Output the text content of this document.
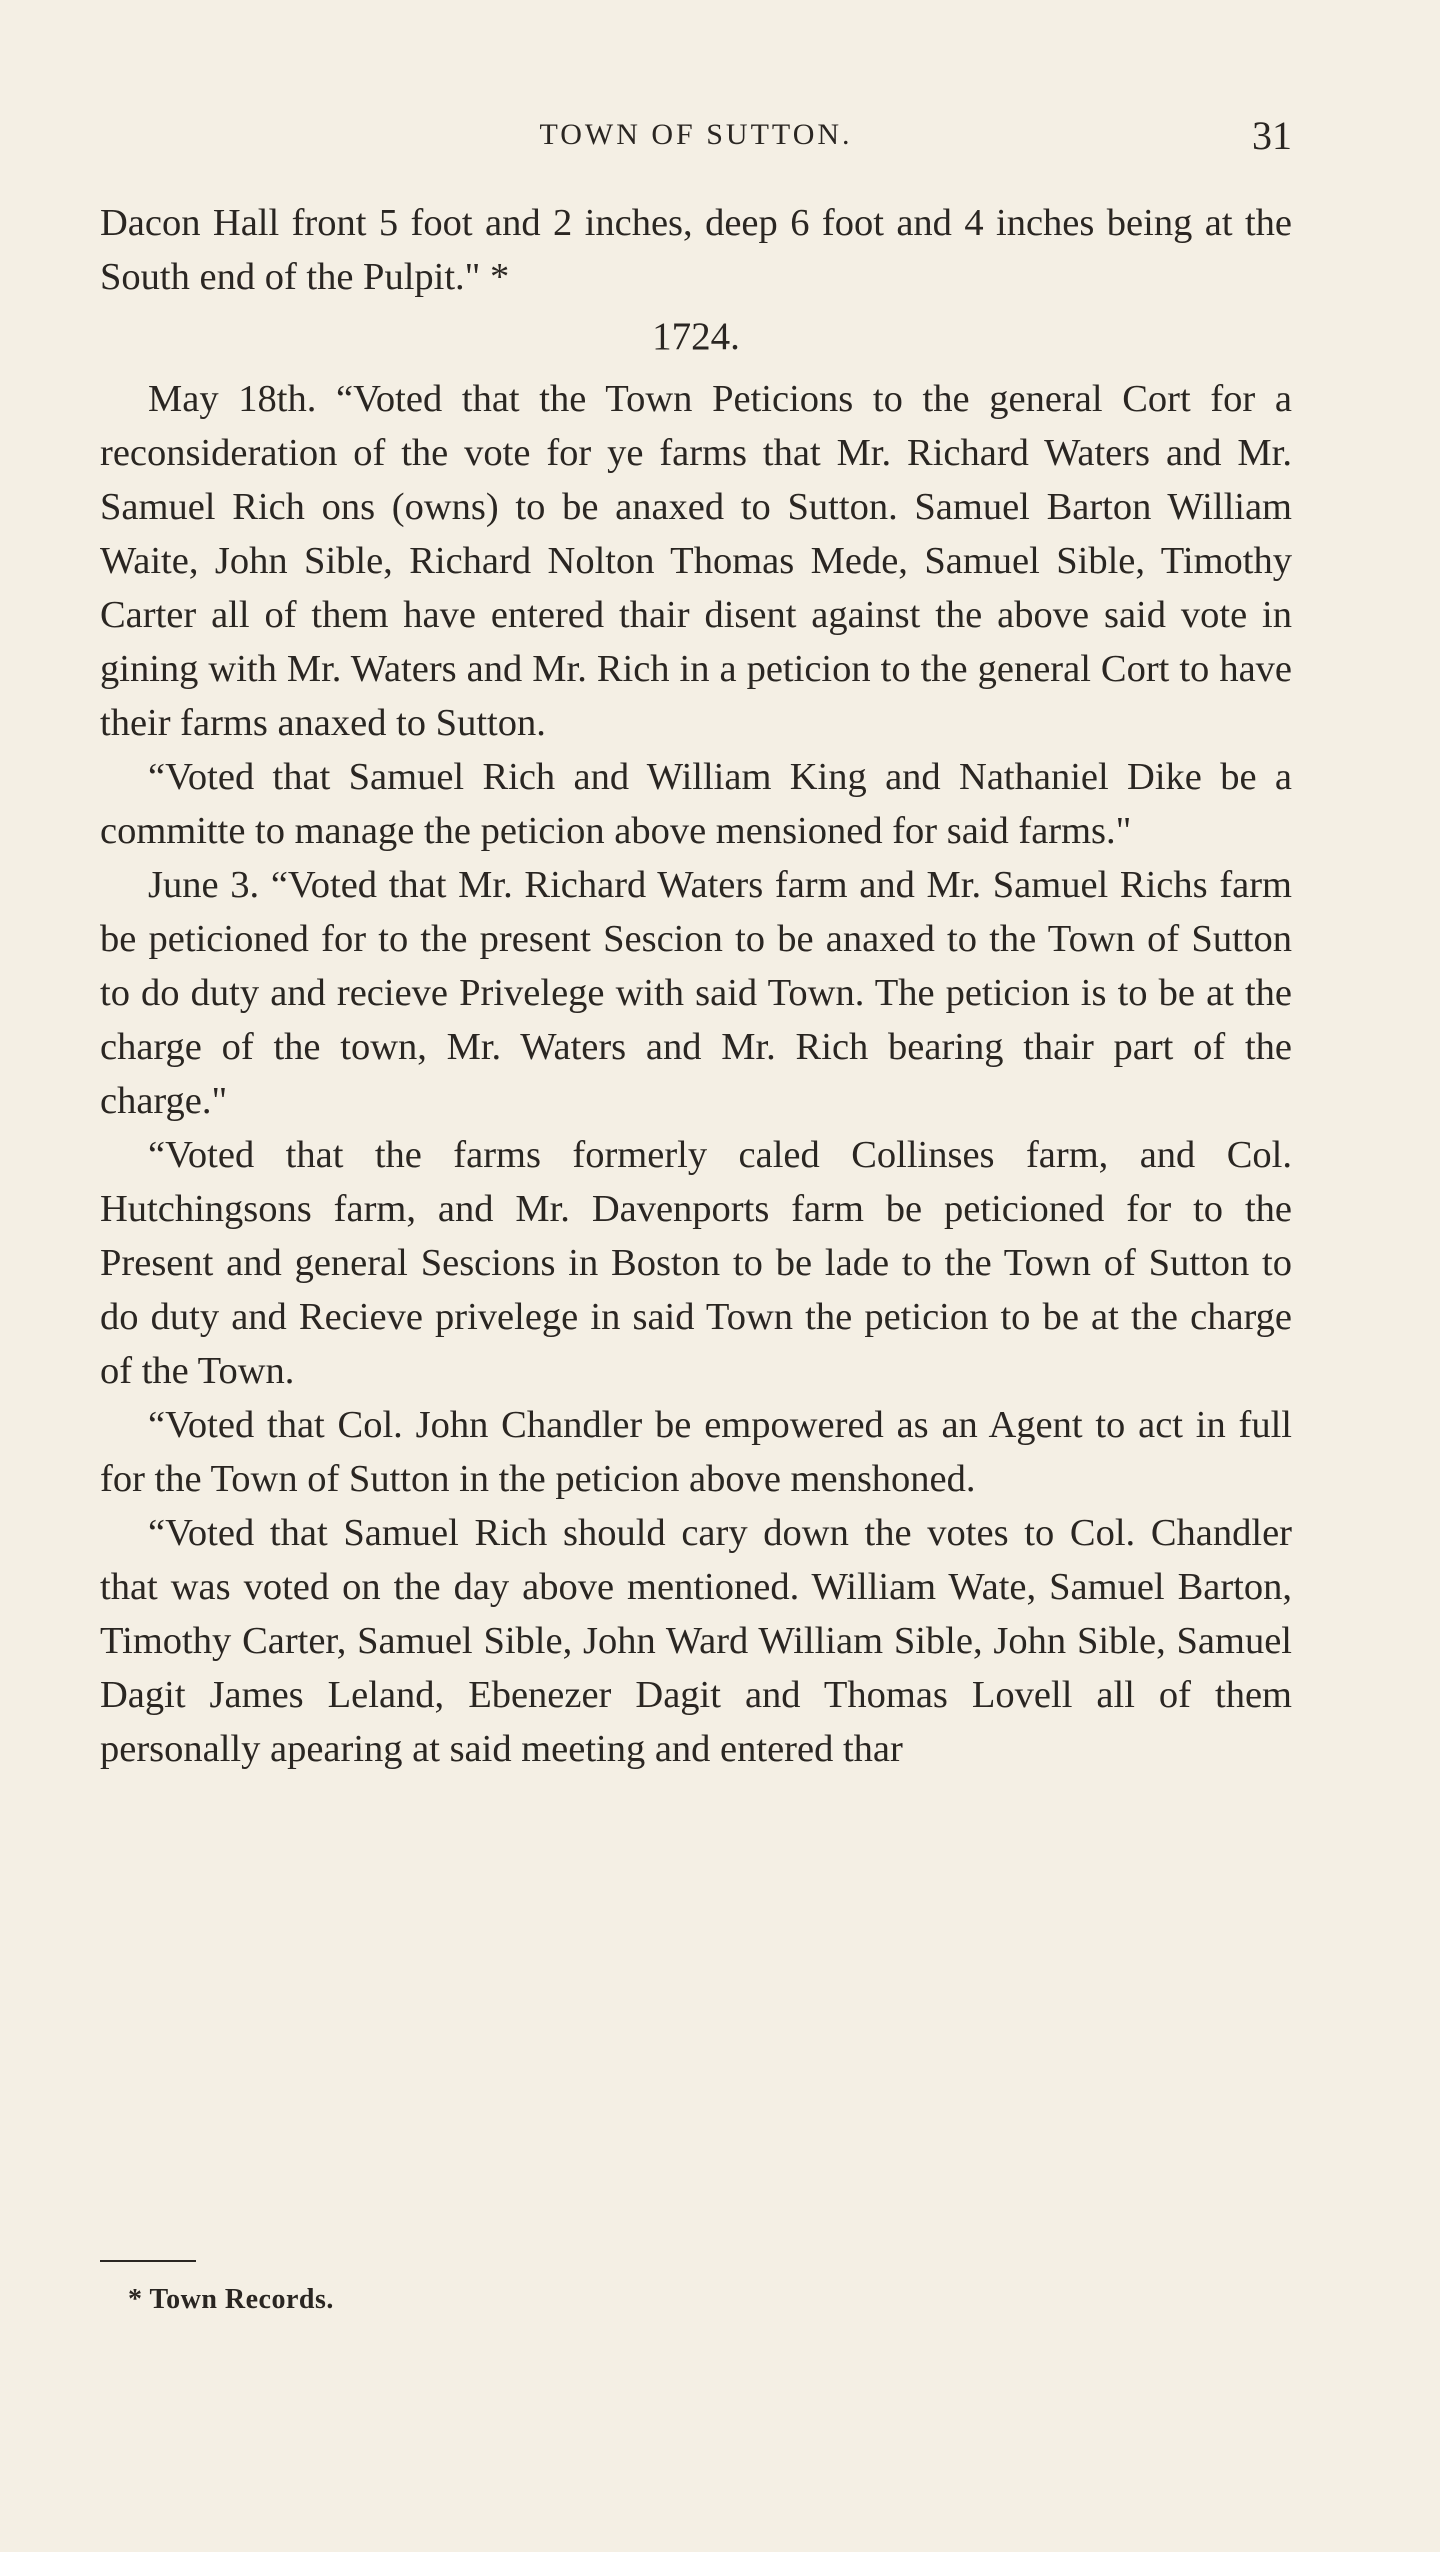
TOWN OF SUTTON.	31

Dacon Hall front 5 foot and 2 inches, deep 6 foot and 4 inches being at the South end of the Pulpit." *

1724.

May 18th. “Voted that the Town Peticions to the general Cort for a reconsideration of the vote for ye farms that Mr. Richard Waters and Mr. Samuel Rich ons (owns) to be anaxed to Sutton. Samuel Barton William Waite, John Sible, Richard Nolton Thomas Mede, Samuel Sible, Timothy Carter all of them have entered thair disent against the above said vote in gining with Mr. Waters and Mr. Rich in a peticion to the general Cort to have their farms anaxed to Sutton.

“Voted that Samuel Rich and William King and Nathaniel Dike be a committe to manage the peticion above mensioned for said farms."

June 3. “Voted that Mr. Richard Waters farm and Mr. Samuel Richs farm be peticioned for to the present Sescion to be anaxed to the Town of Sutton to do duty and recieve Privelege with said Town. The peticion is to be at the charge of the town, Mr. Waters and Mr. Rich bearing thair part of the charge."

“Voted that the farms formerly caled Collinses farm, and Col. Hutchingsons farm, and Mr. Davenports farm be peticioned for to the Present and general Sescions in Boston to be lade to the Town of Sutton to do duty and Recieve privelege in said Town the peticion to be at the charge of the Town.

“Voted that Col. John Chandler be empowered as an Agent to act in full for the Town of Sutton in the peticion above menshoned.

“Voted that Samuel Rich should cary down the votes to Col. Chandler that was voted on the day above mentioned. William Wate, Samuel Barton, Timothy Carter, Samuel Sible, John Ward William Sible, John Sible, Samuel Dagit James Leland, Ebenezer Dagit and Thomas Lovell all of them personally apearing at said meeting and entered thar

* Town Records.
